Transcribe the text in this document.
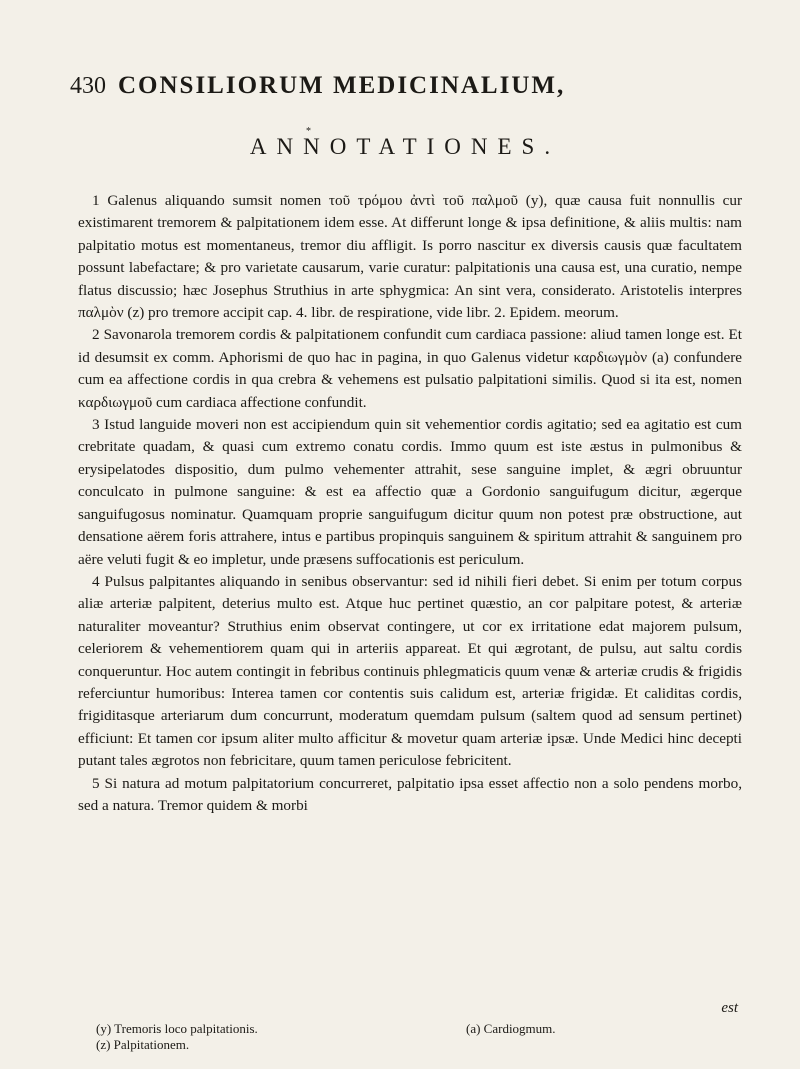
430 CONSILIORUM MEDICINALIUM,
*
ANNOTATIONES.

1 Galenus aliquando sumsit nomen τοῦ τρόμου ἀντὶ τοῦ παλμοῦ (y), quæ causa fuit nonnullis cur existimarent tremorem & palpitationem idem esse. At differunt longe & ipsa definitione, & aliis multis: nam palpitatio motus est momentaneus, tremor diu affligit. Is porro nascitur ex diversis causis quæ facultatem possunt labefactare; & pro varietate causarum, varie curatur: palpitationis una causa est, una curatio, nempe flatus discussio; hæc Josephus Struthius in arte sphygmica: An sint vera, considerato. Aristotelis interpres παλμὸν (z) pro tremore accipit cap. 4. libr. de respiratione, vide libr. 2. Epidem. meorum.

2 Savonarola tremorem cordis & palpitationem confundit cum cardiaca passione: aliud tamen longe est. Et id desumsit ex comm. Aphorismi de quo hac in pagina, in quo Galenus videtur καρδιωγμὸν (a) confundere cum ea affectione cordis in qua crebra & vehemens est pulsatio palpitationi similis. Quod si ita est, nomen καρδιωγμοῦ cum cardiaca affectione confundit.

3 Istud languide moveri non est accipiendum quin sit vehementior cordis agitatio; sed ea agitatio est cum crebritate quadam, & quasi cum extremo conatu cordis. Immo quum est iste æstus in pulmonibus & erysipelatodes dispositio, dum pulmo vehementer attrahit, sese sanguine implet, & ægri obruuntur conculcato in pulmone sanguine: & est ea affectio quæ a Gordonio sanguifugum dicitur, ægerque sanguifugosus nominatur. Quamquam proprie sanguifugum dicitur quum non potest præ obstructione, aut densatione aërem foris attrahere, intus e partibus propinquis sanguinem & spiritum attrahit & sanguinem pro aëre veluti fugit & eo impletur, unde præsens suffocationis est periculum.

4 Pulsus palpitantes aliquando in senibus observantur: sed id nihili fieri debet. Si enim per totum corpus aliæ arteriæ palpitent, deterius multo est. Atque huc pertinet quæstio, an cor palpitare potest, & arteriæ naturaliter moveantur? Struthius enim observat contingere, ut cor ex irritatione edat majorem pulsum, celeriorem & vehementiorem quam qui in arteriis appareat. Et qui ægrotant, de pulsu, aut saltu cordis conqueruntur. Hoc autem contingit in febribus continuis phlegmaticis quum venæ & arteriæ crudis & frigidis referciuntur humoribus: Interea tamen cor contentis suis calidum est, arteriæ frigidæ. Et caliditas cordis, frigiditasque arteriarum dum concurrunt, moderatum quemdam pulsum (saltem quod ad sensum pertinet) efficiunt: Et tamen cor ipsum aliter multo afficitur & movetur quam arteriæ ipsæ. Unde Medici hinc decepti putant tales ægrotos non febricitare, quum tamen periculose febricitent.

5 Si natura ad motum palpitatorium concurreret, palpitatio ipsa esset affectio non a solo pendens morbo, sed a natura. Tremor quidem & morbi

est
(y) Tremoris loco palpitationis.	(a) Cardiogmum.
(z) Palpitationem.
